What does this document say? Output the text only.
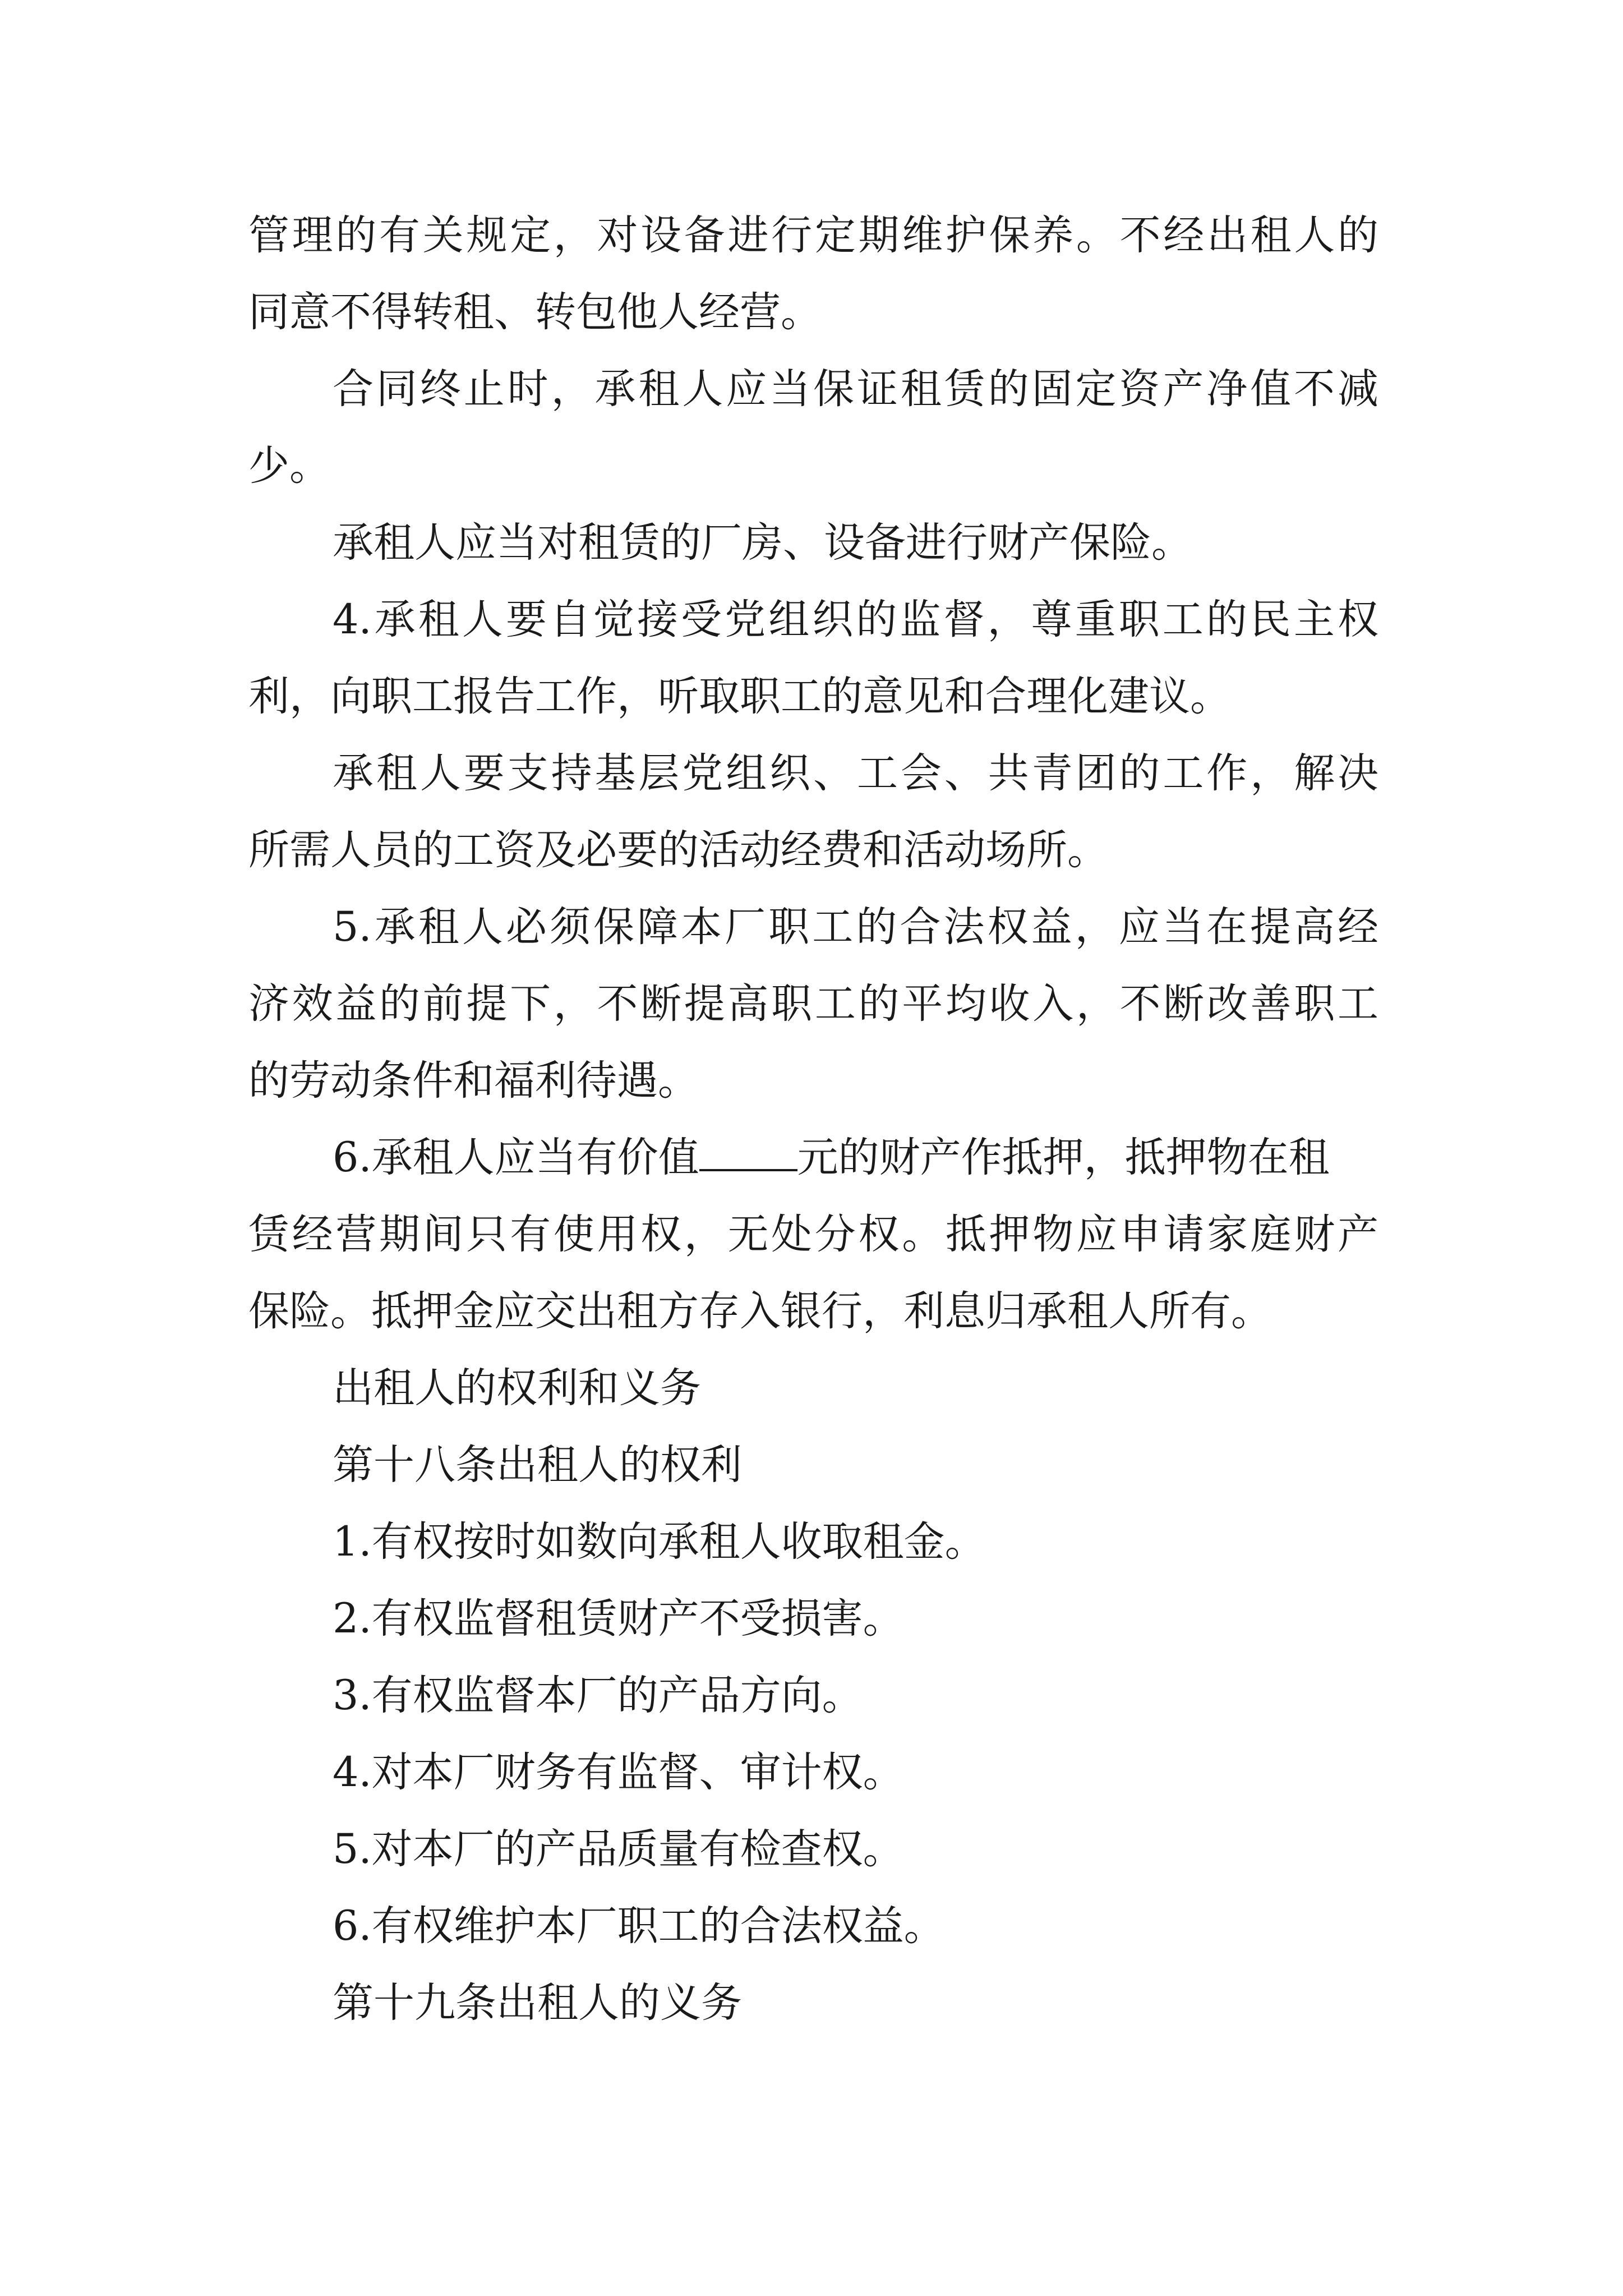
管理的有关规定，对设备进行定期维护保养。不经出租人的
同意不得转租、转包他人经营。
合同终止时，承租人应当保证租赁的固定资产净值不减
少。
承租人应当对租赁的厂房、设备进行财产保险。
4.承租人要自觉接受党组织的监督，尊重职工的民主权
利，向职工报告工作，听取职工的意见和合理化建议。
承租人要支持基层党组织、工会、共青团的工作，解决
所需人员的工资及必要的活动经费和活动场所。
5.承租人必须保障本厂职工的合法权益，应当在提高经
济效益的前提下，不断提高职工的平均收入，不断改善职工
的劳动条件和福利待遇。
6.承租人应当有价值 元的财产作抵押，抵押物在租
赁经营期间只有使用权，无处分权。抵押物应申请家庭财产
保险。抵押金应交出租方存入银行，利息归承租人所有。
出租人的权利和义务
第十八条出租人的权利
1.有权按时如数向承租人收取租金。
2.有权监督租赁财产不受损害。
3.有权监督本厂的产品方向。
4.对本厂财务有监督、审计权。
5.对本厂的产品质量有检查权。
6.有权维护本厂职工的合法权益。
第十九条出租人的义务
